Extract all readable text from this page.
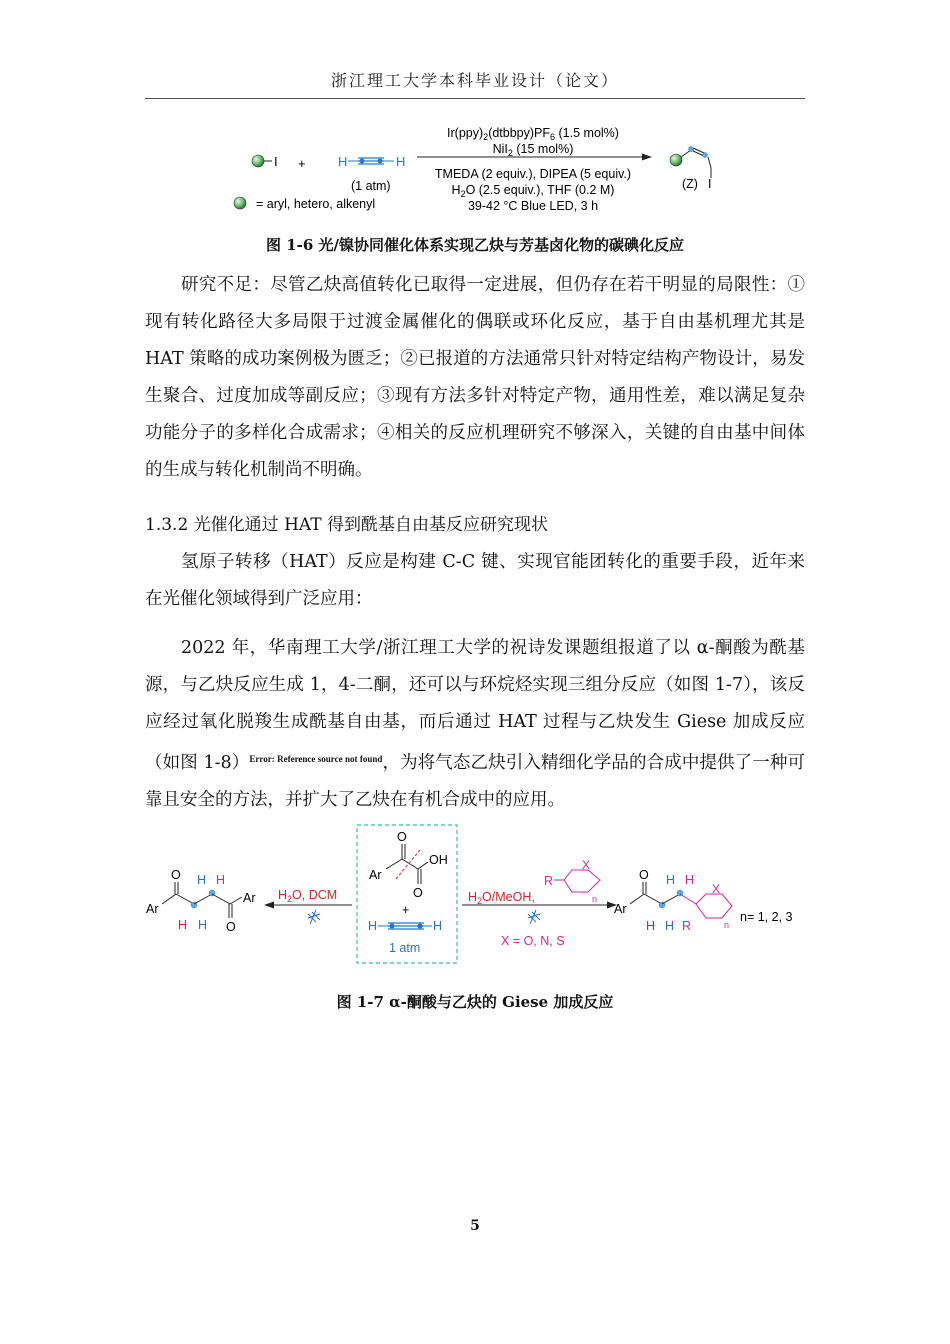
浙江理工大学本科毕业设计（论文）
I + H	H
(1 atm)
= aryl, hetero, alkenyl
$Ir(ppy)_2(dtbbpy)PF_6$ (1.5 mol%)
NiI$_2$ (15 mol%)
TMEDA (2 equiv.), DIPEA (5 equiv.)
$H_2O$ (2.5 equiv.), THF (0.2 M)
39-42 °C Blue LED, 3 h
(Z) I
图 1-6 光/镍协同催化体系实现乙炔与芳基卤化物的碳碘化反应

研究不足：尽管乙炔高值转化已取得一定进展，但仍存在若干明显的局限性：①现有转化路径大多局限于过渡金属催化的偶联或环化反应，基于自由基机理尤其是 HAT 策略的成功案例极为匮乏；②已报道的方法通常只针对特定结构产物设计，易发生聚合、过度加成等副反应；③现有方法多针对特定产物，通用性差，难以满足复杂功能分子的多样化合成需求；④相关的反应机理研究不够深入，关键的自由基中间体的生成与转化机制尚不明确。

1.3.2 光催化通过 HAT 得到酰基自由基反应研究现状

氢原子转移（HAT）反应是构建 C-C 键、实现官能团转化的重要手段，近年来在光催化领域得到广泛应用：

2022 年，华南理工大学/浙江理工大学的祝诗发课题组报道了以 α-酮酸为酰基源，与乙炔反应生成 1，4-二酮，还可以与环烷烃实现三组分反应（如图 1-7），该反应经过氧化脱羧生成酰基自由基，而后通过 HAT 过程与乙炔发生 Giese 加成反应（如图 1-8）$^{Error: Reference source not found}$，为将气态乙炔引入精细化学品的合成中提供了一种可靠且安全的方法，并扩大了乙炔在有机合成中的应用。

Ar
O
OH
O
+
H	H
1 atm
$H_2O$, DCM
Ar
O
O
Ar
H H
H H
$H_2O$/MeOH,
X = O, N, S
R
X
n
Ar
O
X
n
H H
H H R
n= 1, 2, 3
图 1-7 α-酮酸与乙炔的 Giese 加成反应
5
